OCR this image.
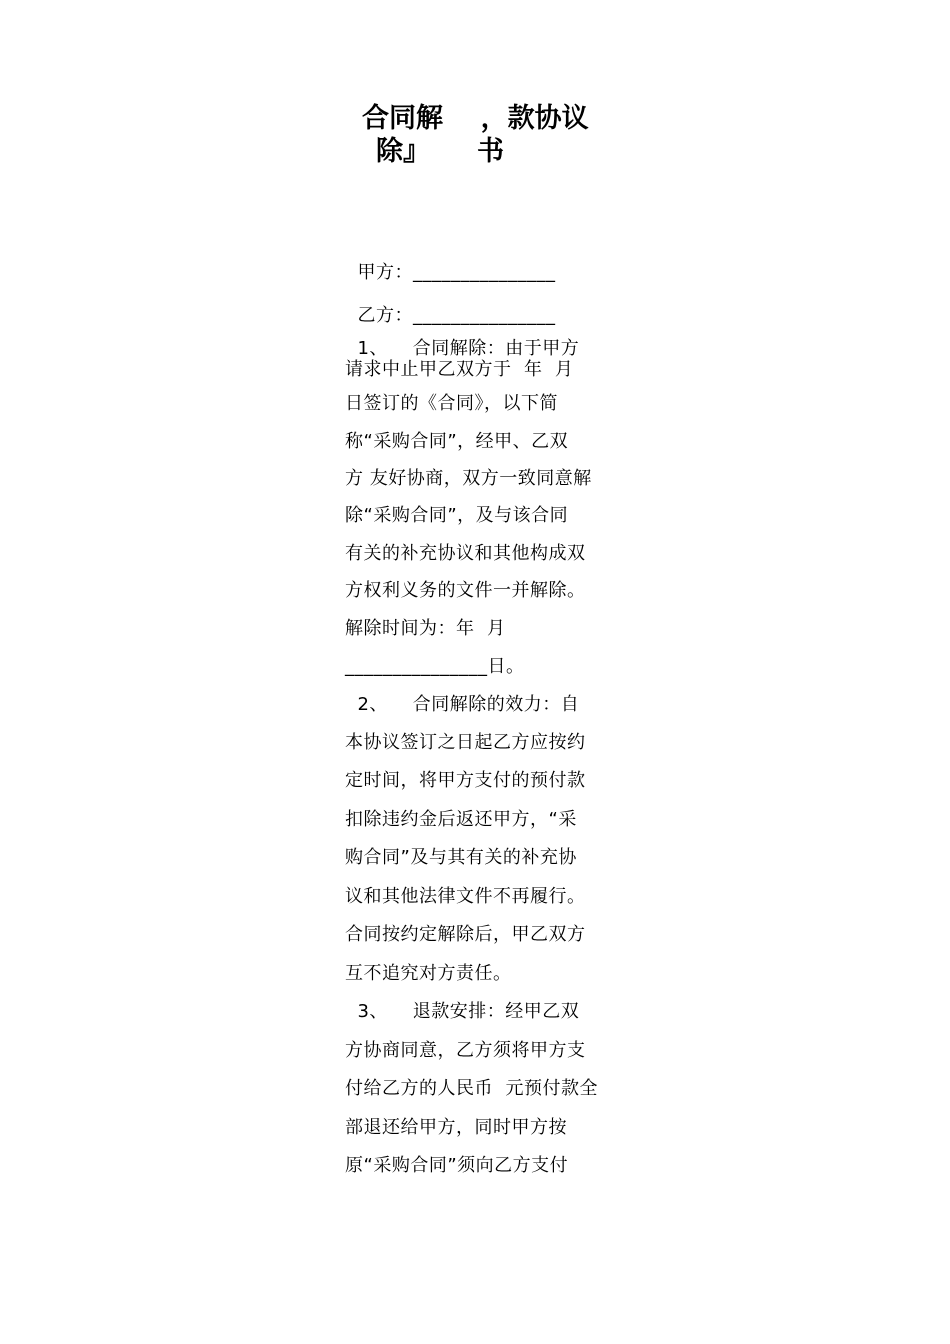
合同解    ，款协议
除』     书
甲方：_______________
乙方：_______________
1、    合同解除：由于甲方
请求中止甲乙双方于  年  月
日签订的《合同》，以下简
称“采购合同”，经甲、乙双
方 友好协商，双方一致同意解
除“采购合同”，及与该合同
有关的补充协议和其他构成双
方权利义务的文件一并解除。
解除时间为：年  月
_______________日。
2、    合同解除的效力：自
本协议签订之日起乙方应按约
定时间，将甲方支付的预付款
扣除违约金后返还甲方，“采
购合同”及与其有关的补充协
议和其他法律文件不再履行。
合同按约定解除后，甲乙双方
互不追究对方责任。
3、    退款安排：经甲乙双
方协商同意，乙方须将甲方支
付给乙方的人民币  元预付款全
部退还给甲方，同时甲方按
原“采购合同”须向乙方支付
